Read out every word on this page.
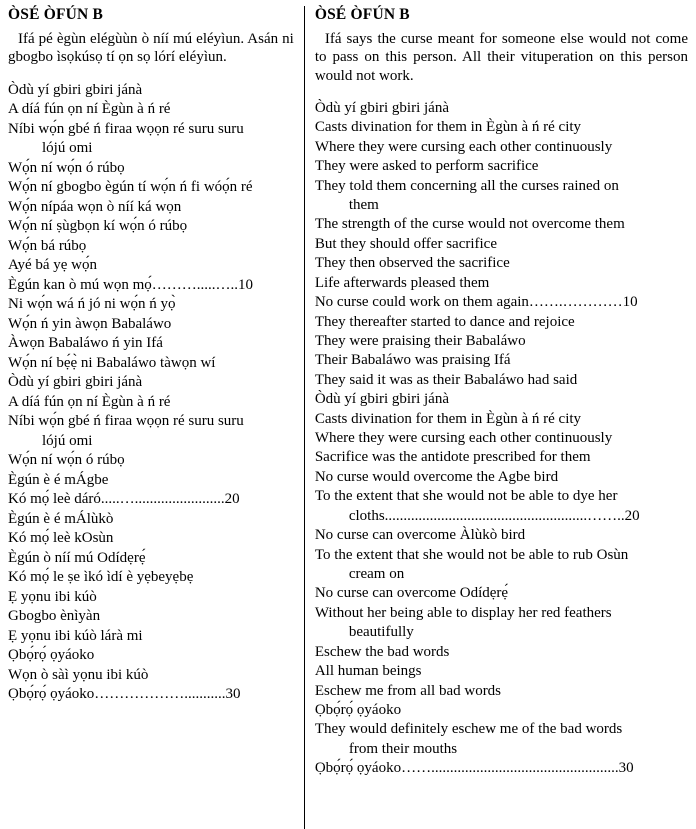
ÒSÉ ÒFÚN B
Ifá pé ègùn elégùùn ò níí mú eléyìun. Asán ni gbogbo ìsọkúsọ tí ọn sọ lórí eléyìun.
Òdù yí gbiri gbiri jánà
A díá fún ọn ní Ègùn à ń ré
Níbi wọ́n gbé ń firaa wọọn ré suru suru
lójú omi
Wọ́n ní wọ́n ó rúbọ
Wọ́n ní gbogbo ègún tí wọ́n ń fi wóọ́n ré
Wọ́n nípáa wọn ò níí ká wọn
Wọ́n ní ṣùgbọn kí wọ́n ó rúbọ
Wọ́n bá rúbọ
Ayé bá yẹ wọ́n
Ègún kan ò mú wọn mọ́……….....…..10
Ni wọ́n wá ń jó ni wọ́n ń yọ̀
Wọ́n ń yin àwọn Babaláwo
Àwọn Babaláwo ń yin Ifá
Wọ́n ní bẹ́ẹ̀ ni Babaláwo tàwọn wí
Òdù yí gbiri gbiri jánà
A díá fún ọn ní Ègùn à ń ré
Níbi wọ́n gbé ń firaa wọọn ré suru suru
lójú omi
Wọ́n ní wọ́n ó rúbọ
Ègún è é mÁgbe
Kó mọ́ leè dáró.....…........................20
Ègún è é mÁlùkò
Kó mọ́ leè kOsùn
Ègún ò níí mú Odídẹrẹ́
Kó mọ́ le ṣe ìkó ìdí è yẹbeyẹbẹ
Ẹ yọnu ibi kúò
Gbogbo ènìyàn
Ẹ yọnu ibi kúò lárà mi
Ọbọ́rọ́ ọyáoko
Wọn ò sàì yọnu ibi kúò
Ọbọ́rọ́ ọyáoko………………...........30
ÒSÉ ÒFÚN B
Ifá says the curse meant for someone else would not come to pass on this person. All their vituperation on this person would not work.
Òdù yí gbiri gbiri jánà
Casts divination for them in Ègùn à ń ré city
Where they were cursing each other continuously
They were asked to perform sacrifice
They told them concerning all the curses rained on
them
The strength of the curse would not overcome them
But they should offer sacrifice
They then observed the sacrifice
Life afterwards pleased them
No curse could work on them again…….…………10
They thereafter started to dance and rejoice
They were praising their Babaláwo
Their Babaláwo was praising Ifá
They said it was as their Babaláwo had said
Òdù yí gbiri gbiri jánà
Casts divination for them in Ègùn à ń ré city
Where they were cursing each other continuously
Sacrifice was the antidote prescribed for them
No curse would overcome the Agbe bird
To the extent that she would not be able to dye her
cloths......................................................……..20
No curse can overcome Àlùkò bird
To the extent that she would not be able to rub Osùn
cream on
No curse can overcome Odídẹrẹ́
Without her being able to display her red feathers
beautifully
Eschew the bad words
All human beings
Eschew me from all bad words
Ọbọ́rọ́ ọyáoko
They would definitely eschew me of the bad words
from their mouths
Ọbọ́rọ́ ọyáoko……..................................................30
